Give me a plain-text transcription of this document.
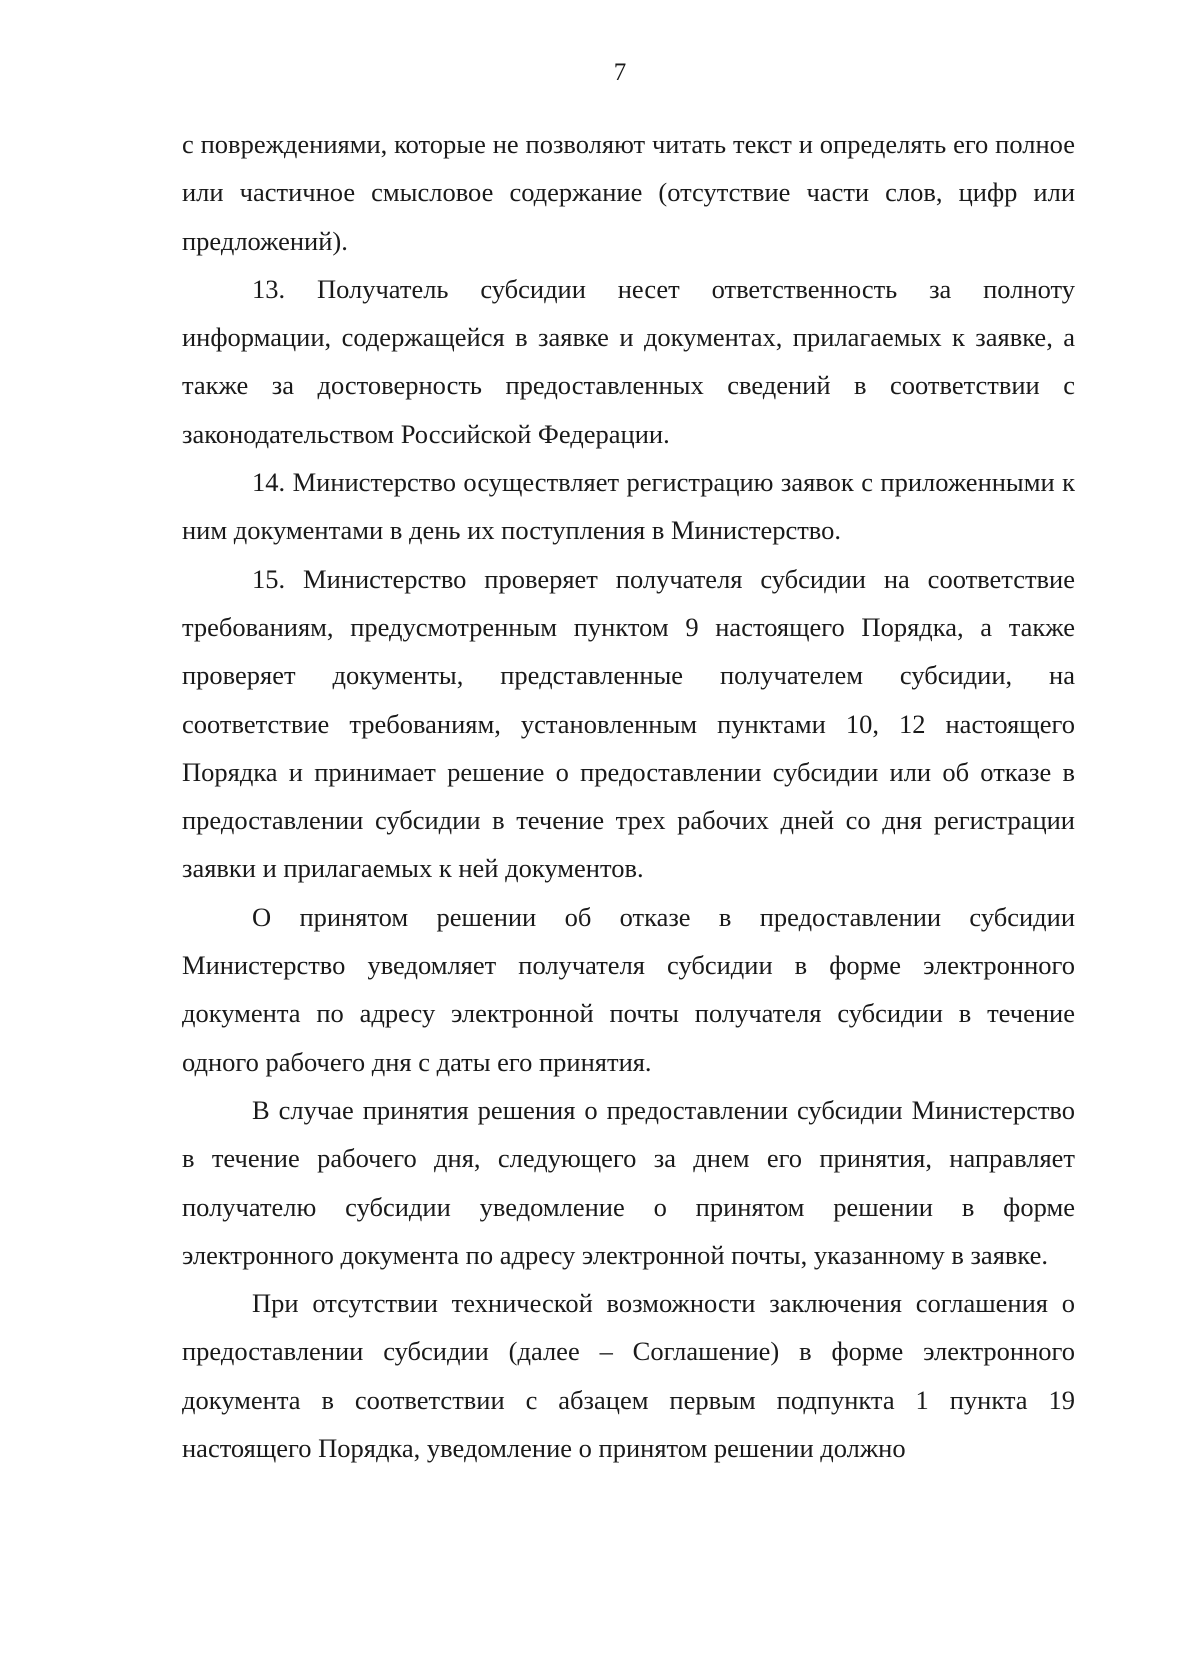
7

с повреждениями, которые не позволяют читать текст и определять его полное или частичное смысловое содержание (отсутствие части слов, цифр или предложений).

13. Получатель субсидии несет ответственность за полноту информации, содержащейся в заявке и документах, прилагаемых к заявке, а также за достоверность предоставленных сведений в соответствии с законодательством Российской Федерации.

14. Министерство осуществляет регистрацию заявок с приложенными к ним документами в день их поступления в Министерство.

15. Министерство проверяет получателя субсидии на соответствие требованиям, предусмотренным пунктом 9 настоящего Порядка, а также проверяет документы, представленные получателем субсидии, на соответствие требованиям, установленным пунктами 10, 12 настоящего Порядка и принимает решение о предоставлении субсидии или об отказе в предоставлении субсидии в течение трех рабочих дней со дня регистрации заявки и прилагаемых к ней документов.

О принятом решении об отказе в предоставлении субсидии Министерство уведомляет получателя субсидии в форме электронного документа по адресу электронной почты получателя субсидии в течение одного рабочего дня с даты его принятия.

В случае принятия решения о предоставлении субсидии Министерство в течение рабочего дня, следующего за днем его принятия, направляет получателю субсидии уведомление о принятом решении в форме электронного документа по адресу электронной почты, указанному в заявке.

При отсутствии технической возможности заключения соглашения о предоставлении субсидии (далее – Соглашение) в форме электронного документа в соответствии с абзацем первым подпункта 1 пункта 19 настоящего Порядка, уведомление о принятом решении должно
